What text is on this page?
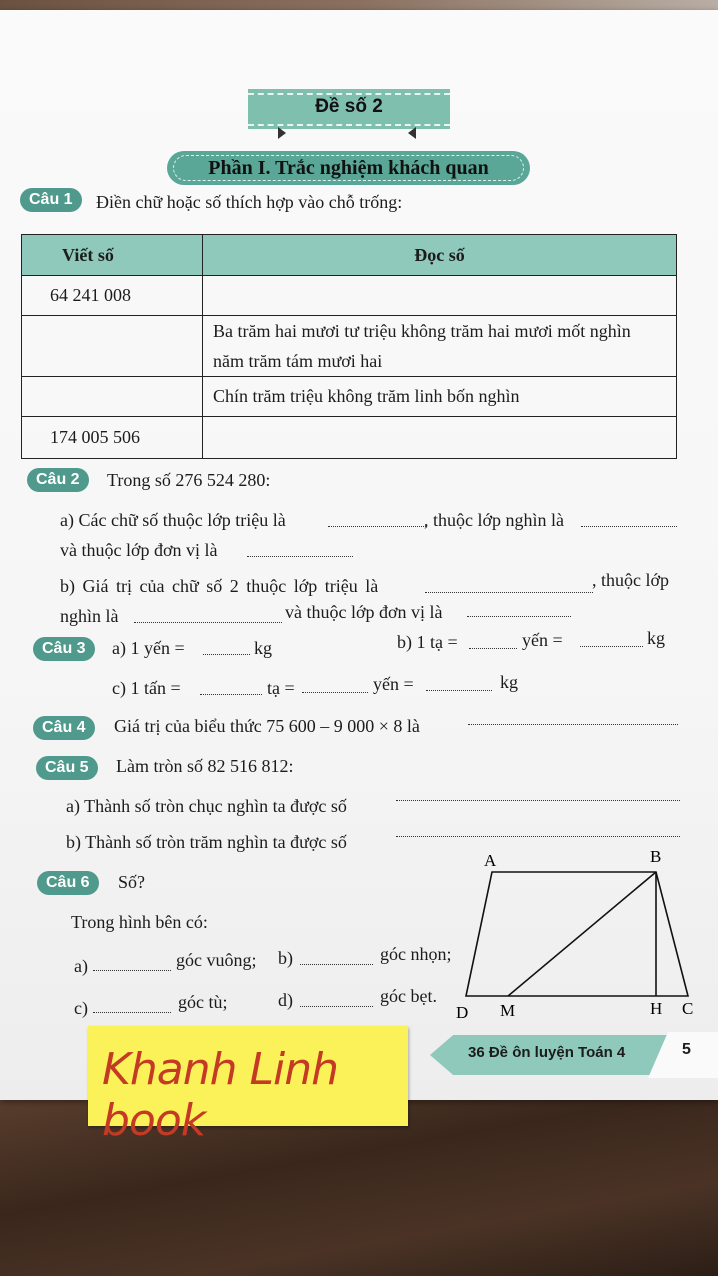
Đề số 2
Phần I. Trắc nghiệm khách quan
Câu 1	Điền chữ hoặc số thích hợp vào chỗ trống:
Viết số	Đọc số
64 241 008	

	Ba trăm hai mươi tư triệu không trăm hai mươi mốt nghìn
năm trăm tám mươi hai

	Chín trăm triệu không trăm linh bốn nghìn
174 005 506	
Câu 2	Trong số 276 524 280:
a) Các chữ số thuộc lớp triệu là	, thuộc lớp nghìn là
và thuộc lớp đơn vị là
b) Giá trị của chữ số 2 thuộc lớp triệu là	, thuộc lớp
nghìn là	và thuộc lớp đơn vị là
Câu 3	a) 1 yến =	kg	b) 1 tạ =	yến =	kg
c) 1 tấn =	tạ =	yến =	kg
Câu 4	Giá trị của biểu thức 75 600 – 9 000 × 8 là
Câu 5	Làm tròn số 82 516 812:
a) Thành số tròn chục nghìn ta được số
b) Thành số tròn trăm nghìn ta được số
Câu 6	Số?
Trong hình bên có:
a)	góc vuông; b)	góc nhọn;
c)	góc tù;	d)	góc bẹt.
A	B
C
D	H
M
36 Đề ôn luyện Toán 4	5
Khanh Linh book
